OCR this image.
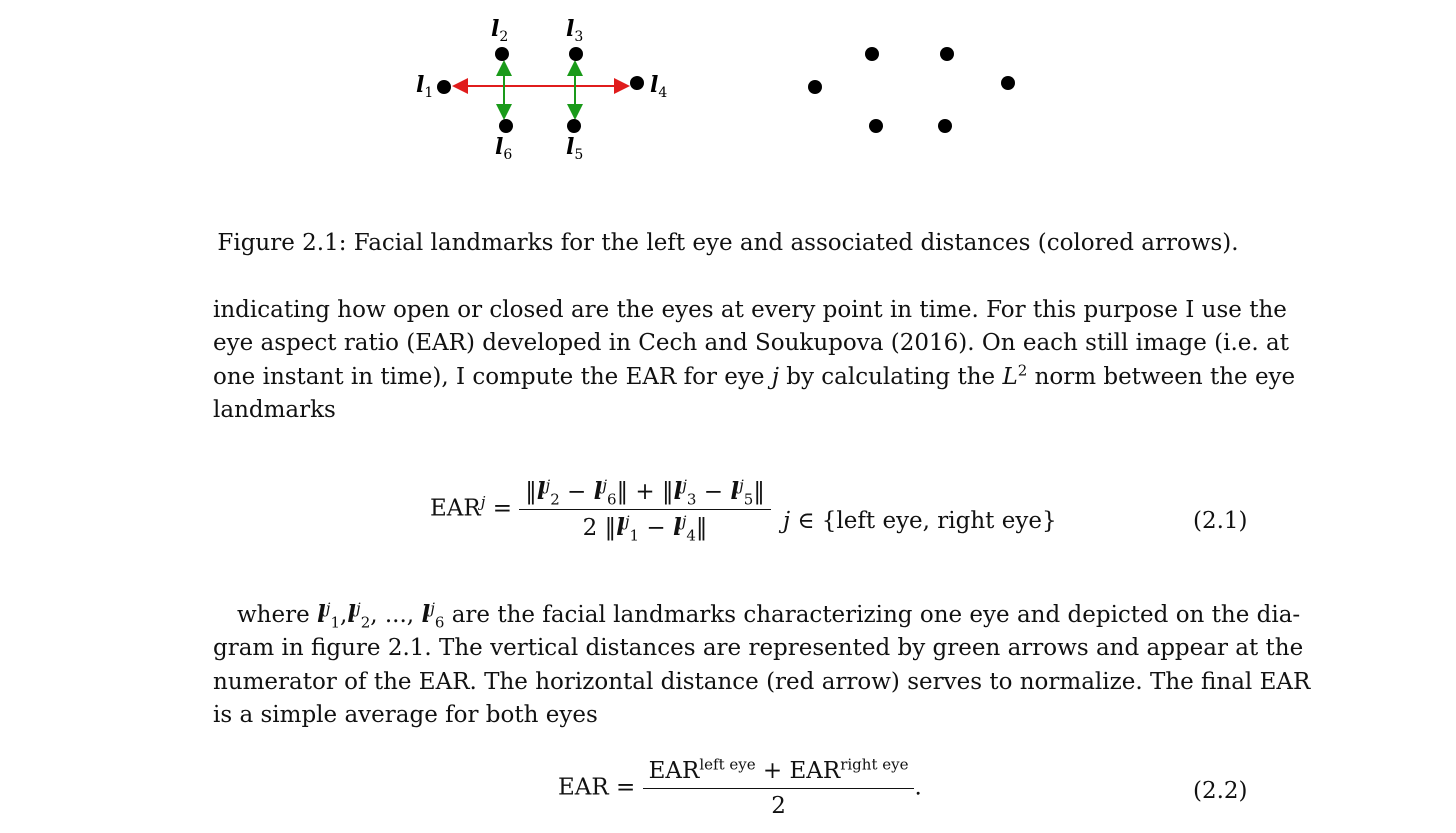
$l_1$
$l_2$	$l_3$
$l_4$
$l_5$
$l_6$
Figure 2.1: Facial landmarks for the left eye and associated distances (colored arrows).
indicating how open or closed are the eyes at every point in time. For this purpose I use the
eye aspect ratio (EAR) developed in Cech and Soukupova (2016). On each still image (i.e. at
one instant in time), I compute the EAR for eye j by calculating the $L^2$ norm between the eye
landmarks
$EAR^j$ =
$‖l^j_2$ − $l^j_6‖$ + $‖l^j_3$ − $l^j_5‖$
2 $‖l^j_1$ − $l^j_4‖$	j ∈ {left eye, right eye}	(2.1)
where $l^j_1,l^j_2$, ..., $l^j_6$ are the facial landmarks characterizing one eye and depicted on the dia-
gram in figure 2.1. The vertical distances are represented by green arrows and appear at the
numerator of the EAR. The horizontal distance (red arrow) serves to normalize. The final EAR
is a simple average for both eyes
EAR = $\frac{EAR^{left eye} + EAR^{right eye}}{2}$ .	(2.2)
